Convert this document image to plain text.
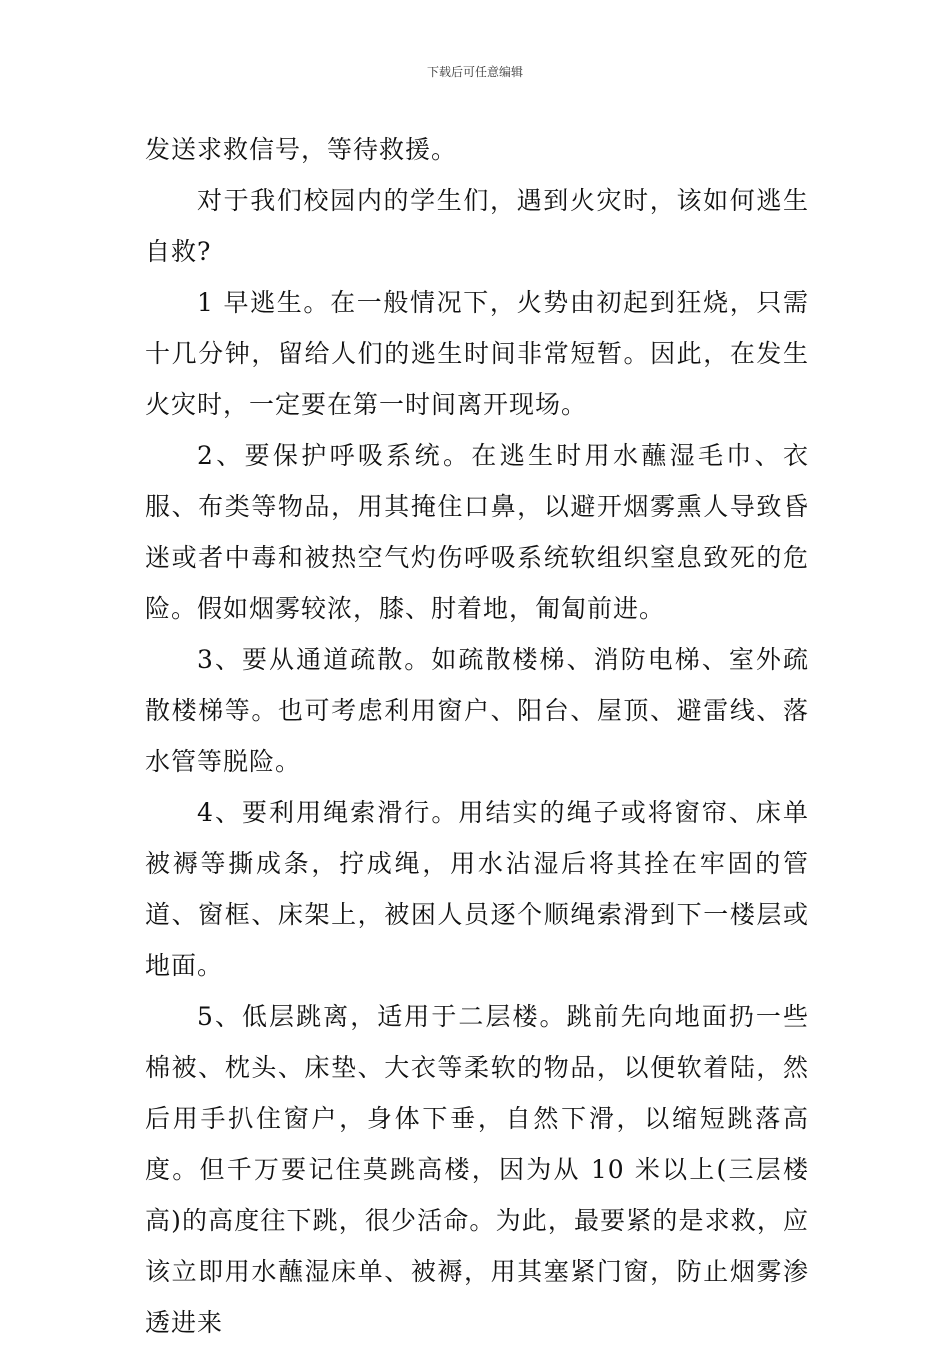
下载后可任意编辑

发送求救信号，等待救援。

对于我们校园内的学生们，遇到火灾时，该如何逃生自救?

1 早逃生。在一般情况下，火势由初起到狂烧，只需十几分钟，留给人们的逃生时间非常短暂。因此，在发生火灾时，一定要在第一时间离开现场。

2、要保护呼吸系统。在逃生时用水蘸湿毛巾、衣服、布类等物品，用其掩住口鼻，以避开烟雾熏人导致昏迷或者中毒和被热空气灼伤呼吸系统软组织窒息致死的危险。假如烟雾较浓，膝、肘着地，匍匐前进。

3、要从通道疏散。如疏散楼梯、消防电梯、室外疏散楼梯等。也可考虑利用窗户、阳台、屋顶、避雷线、落水管等脱险。

4、要利用绳索滑行。用结实的绳子或将窗帘、床单被褥等撕成条，拧成绳，用水沾湿后将其拴在牢固的管道、窗框、床架上，被困人员逐个顺绳索滑到下一楼层或地面。

5、低层跳离，适用于二层楼。跳前先向地面扔一些棉被、枕头、床垫、大衣等柔软的物品，以便软着陆，然后用手扒住窗户，身体下垂，自然下滑，以缩短跳落高度。但千万要记住莫跳高楼，因为从 10 米以上(三层楼高)的高度往下跳，很少活命。为此，最要紧的是求救，应该立即用水蘸湿床单、被褥，用其塞紧门窗，防止烟雾渗透进来
